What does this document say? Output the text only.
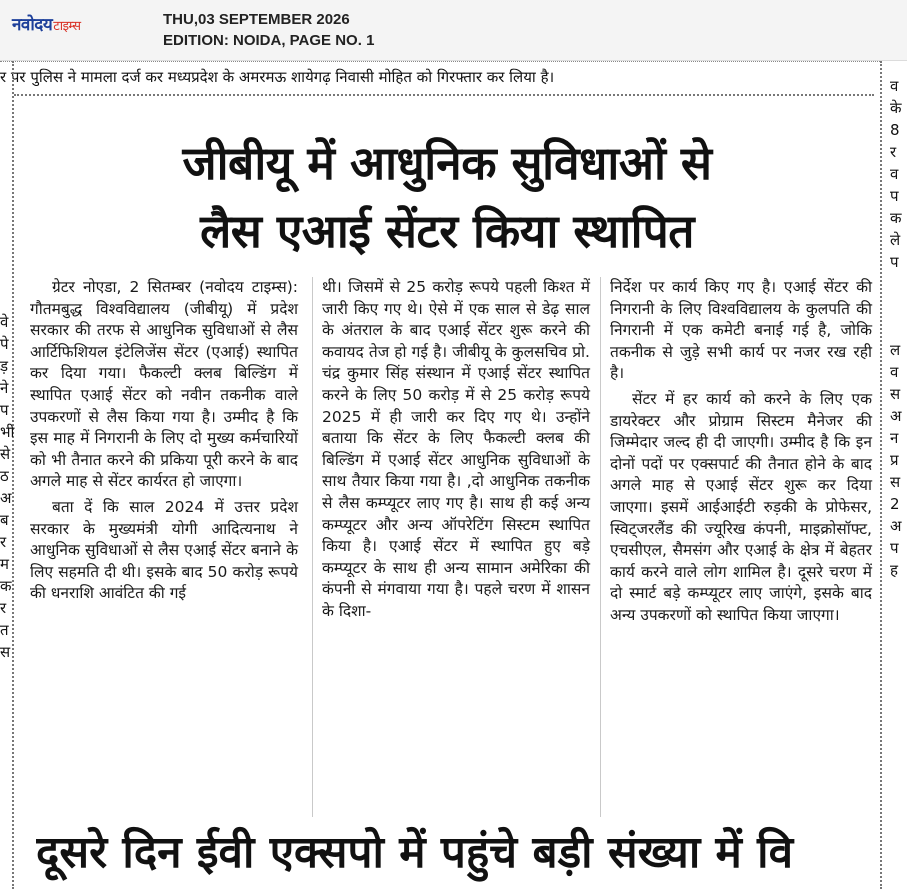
नवोदयटाइम्स	THU,03 SEPTEMBER 2026
EDITION: NOIDA, PAGE NO. 1
र पर पुलिस ने मामला दर्ज कर मध्यप्रदेश के अमरमऊ शायेगढ़ निवासी मोहित को गिरफ्तार कर लिया है।
वे
पे
ड़
ने
प
भी
से
ठ
अ
ब
र
म
क
र
त
स
व
के
8
र
व
प
क
ले
प

ल
व
स
अ
न
प्र
स
2
अ
प
ह
जीबीयू में आधुनिक सुविधाओं से
लैस एआई सेंटर किया स्थापित

ग्रेटर नोएडा, 2 सितम्बर (नवोदय टाइम्स): गौतमबुद्ध विश्वविद्यालय (जीबीयू) में प्रदेश सरकार की तरफ से आधुनिक सुविधाओं से लैस आर्टिफिशियल इंटेलिजेंस सेंटर (एआई) स्थापित कर दिया गया। फैकल्टी क्लब बिल्डिंग में स्थापित एआई सेंटर को नवीन तकनीक वाले उपकरणों से लैस किया गया है। उम्मीद है कि इस माह में निगरानी के लिए दो मुख्य कर्मचारियों को भी तैनात करने की प्रकिया पूरी करने के बाद अगले माह से सेंटर कार्यरत हो जाएगा।

बता दें कि साल 2024 में उत्तर प्रदेश सरकार के मुख्यमंत्री योगी आदित्यनाथ ने आधुनिक सुविधाओं से लैस एआई सेंटर बनाने के लिए सहमति दी थी। इसके बाद 50 करोड़ रूपये की धनराशि आवंटित की गई

थी। जिसमें से 25 करोड़ रूपये पहली किश्त में जारी किए गए थे। ऐसे में एक साल से डेढ़ साल के अंतराल के बाद एआई सेंटर शुरू करने की कवायद तेज हो गई है। जीबीयू के कुलसचिव प्रो. चंद्र कुमार सिंह संस्थान में एआई सेंटर स्थापित करने के लिए 50 करोड़ में से 25 करोड़ रूपये 2025 में ही जारी कर दिए गए थे। उन्होंने बताया कि सेंटर के लिए फैकल्टी क्लब की बिल्डिंग में एआई सेंटर आधुनिक सुविधाओं के साथ तैयार किया गया है। ,दो आधुनिक तकनीक से लैस कम्प्यूटर लाए गए है। साथ ही कई अन्य कम्प्यूटर और अन्य ऑपरेटिंग सिस्टम स्थापित किया है। एआई सेंटर में स्थापित हुए बड़े कम्प्यूटर के साथ ही अन्य सामान अमेरिका की कंपनी से मंगवाया गया है। पहले चरण में शासन के दिशा-

निर्देश पर कार्य किए गए है। एआई सेंटर की निगरानी के लिए विश्वविद्यालय के कुलपति की निगरानी में एक कमेटी बनाई गई है, जोकि तकनीक से जुड़े सभी कार्य पर नजर रख रही है।

सेंटर में हर कार्य को करने के लिए एक डायरेक्टर और प्रोग्राम सिस्टम मैनेजर की जिम्मेदार जल्द ही दी जाएगी। उम्मीद है कि इन दोनों पदों पर एक्सपार्ट की तैनात होने के बाद अगले माह से एआई सेंटर शुरू कर दिया जाएगा। इसमें आईआईटी रुड़की के प्रोफेसर, स्विट्जरलैंड की ज्यूरिख कंपनी, माइक्रोसॉफ्ट, एचसीएल, सैमसंग और एआई के क्षेत्र में बेहतर कार्य करने वाले लोग शामिल है। दूसरे चरण में दो स्मार्ट बड़े कम्प्यूटर लाए जाएंगे, इसके बाद अन्य उपकरणों को स्थापित किया जाएगा।

दूसरे दिन ईवी एक्सपो में पहुंचे बड़ी संख्या में वि
